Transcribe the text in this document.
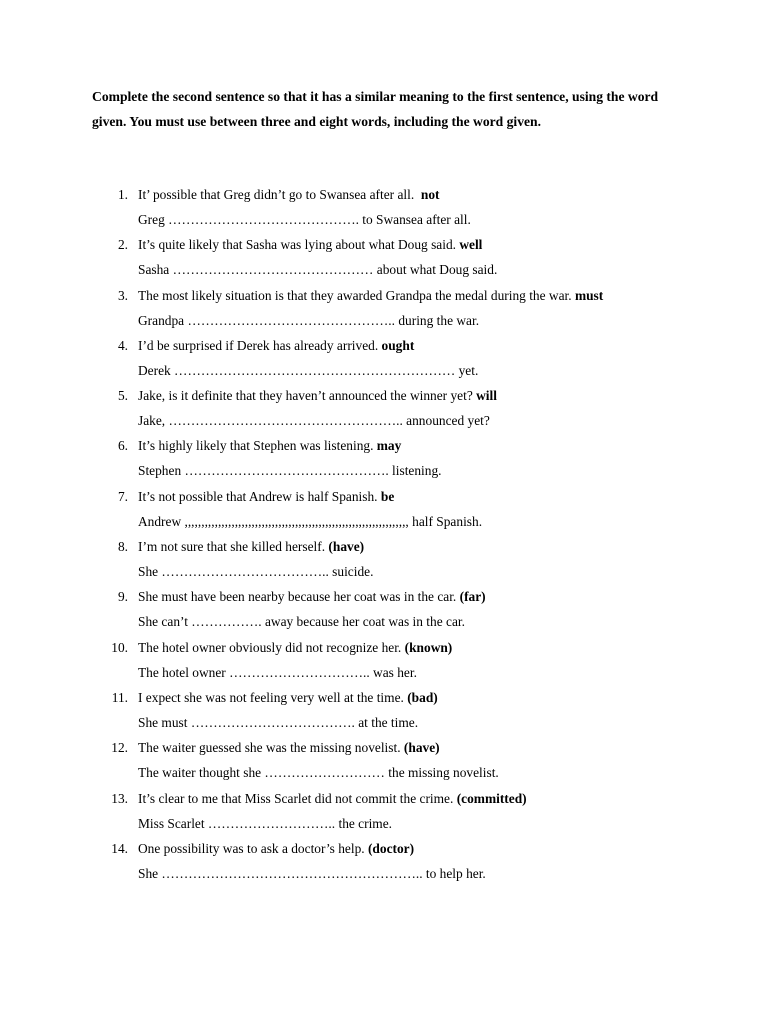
Complete the second sentence so that it has a similar meaning to the first sentence, using the word given. You must use between three and eight words, including the word given.
1. It’ possible that Greg didn’t go to Swansea after all.  not
Greg ……………………………………. to Swansea after all.
2. It’s quite likely that Sasha was lying about what Doug said. well
Sasha ……………………………………… about what Doug said.
3. The most likely situation is that they awarded Grandpa the medal during the war. must
Grandpa ……………………………………….. during the war.
4. I’d be surprised if Derek has already arrived. ought
Derek ……………………………………………………… yet.
5. Jake, is it definite that they haven’t announced the winner yet? will
Jake, …………………………………………….. announced yet?
6. It’s highly likely that Stephen was listening. may
Stephen ………………………………………. listening.
7. It’s not possible that Andrew is half Spanish. be
Andrew ,,,,,,,,,,,,,,,,,,,,,,,,,,,,,,,,,,,,,,,,,,,,,,,,,,,,,,,,,,,,,,,,,,, half Spanish.
8. I’m not sure that she killed herself. (have)
She ……………………………….. suicide.
9. She must have been nearby because her coat was in the car. (far)
She can’t ……………. away because her coat was in the car.
10. The hotel owner obviously did not recognize her. (known)
The hotel owner ………………………….. was her.
11. I expect she was not feeling very well at the time. (bad)
She must ………………………………. at the time.
12. The waiter guessed she was the missing novelist. (have)
The waiter thought she ……………………… the missing novelist.
13. It’s clear to me that Miss Scarlet did not commit the crime. (committed)
Miss Scarlet ……………………….. the crime.
14. One possibility was to ask a doctor’s help. (doctor)
She ………………………………………………….. to help her.
